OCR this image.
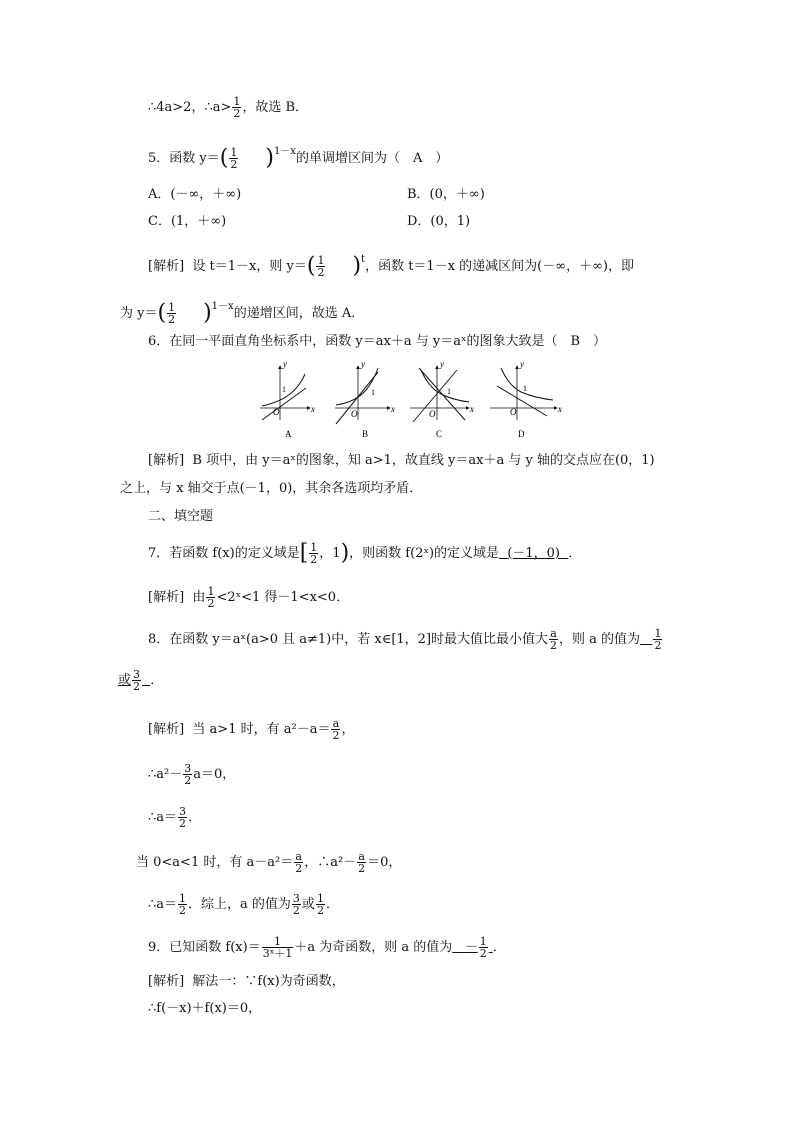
∴4a>2，∴a> $\frac{1}{2}$ ，故选 B．
5．函数 $y=( \frac{1}{2} )^{1-x}$的单调增区间为（　A　）
A．(－∞，＋∞)	B．(0，＋∞)
C．(1，＋∞)	D．(0，1)
[解析] 设 t＝1－x，则 $y=( \frac{1}{2} )^t$，函数 t＝1－x 的递减区间为(－∞，＋∞)，即
为 $y=( \frac{1}{2} )^{1-x}$的递增区间，故选 A．
6．在同一平面直角坐标系中，函数 y＝ax＋a 与 y＝aˣ的图象大致是（　B　）
O	x
y
1
A
O	x
y
1
B
O	x
y
1
C
O	x
y
1
D
[解析] B 项中，由 y＝aˣ的图象，知 a>1，故直线 y＝ax＋a 与 y 轴的交点应在(0，1)
之上，与 x 轴交于点(－1，0)，其余各选项均矛盾．
二、填空题
7．若函数 f(x)的定义域是[ $\frac{1}{2}$ ，1)，则函数 f(2ˣ)的定义域是 (－1，0) ．
[解析] 由 $\frac{1}{2}$ <2ˣ<1 得－1<x<0．
8．在函数 y＝aˣ(a>0 且 a≠1)中，若 x∈[1，2]时最大值比最小值大 $\frac{a}{2}$ ，则 a 的值为 $\frac{1}{2}$
或 $\frac{3}{2}$ ．
[解析] 当 a>1 时，有 $a^2-a= \frac{a}{2}$ ，
∴a²－ $\frac{3}{2} a=0$，
∴a＝ $\frac{3}{2}$ ．
当 0<a<1 时，有 $a-a^2= \frac{a}{2}$ ，∴a²－ $\frac{a}{2} =0$，
∴a＝ $\frac{1}{2}$ ．综上，a 的值为 $\frac{3}{2}$ 或 $\frac{1}{2}$ ．
9．已知函数 $f(x)= \frac{1}{\text{3ˣ＋1}} +a$ 为奇函数，则 a 的值为 － $\frac{1}{2}$ ．
[解析] 解法一：∵f(x)为奇函数，
∴f(－x)＋f(x)＝0，
